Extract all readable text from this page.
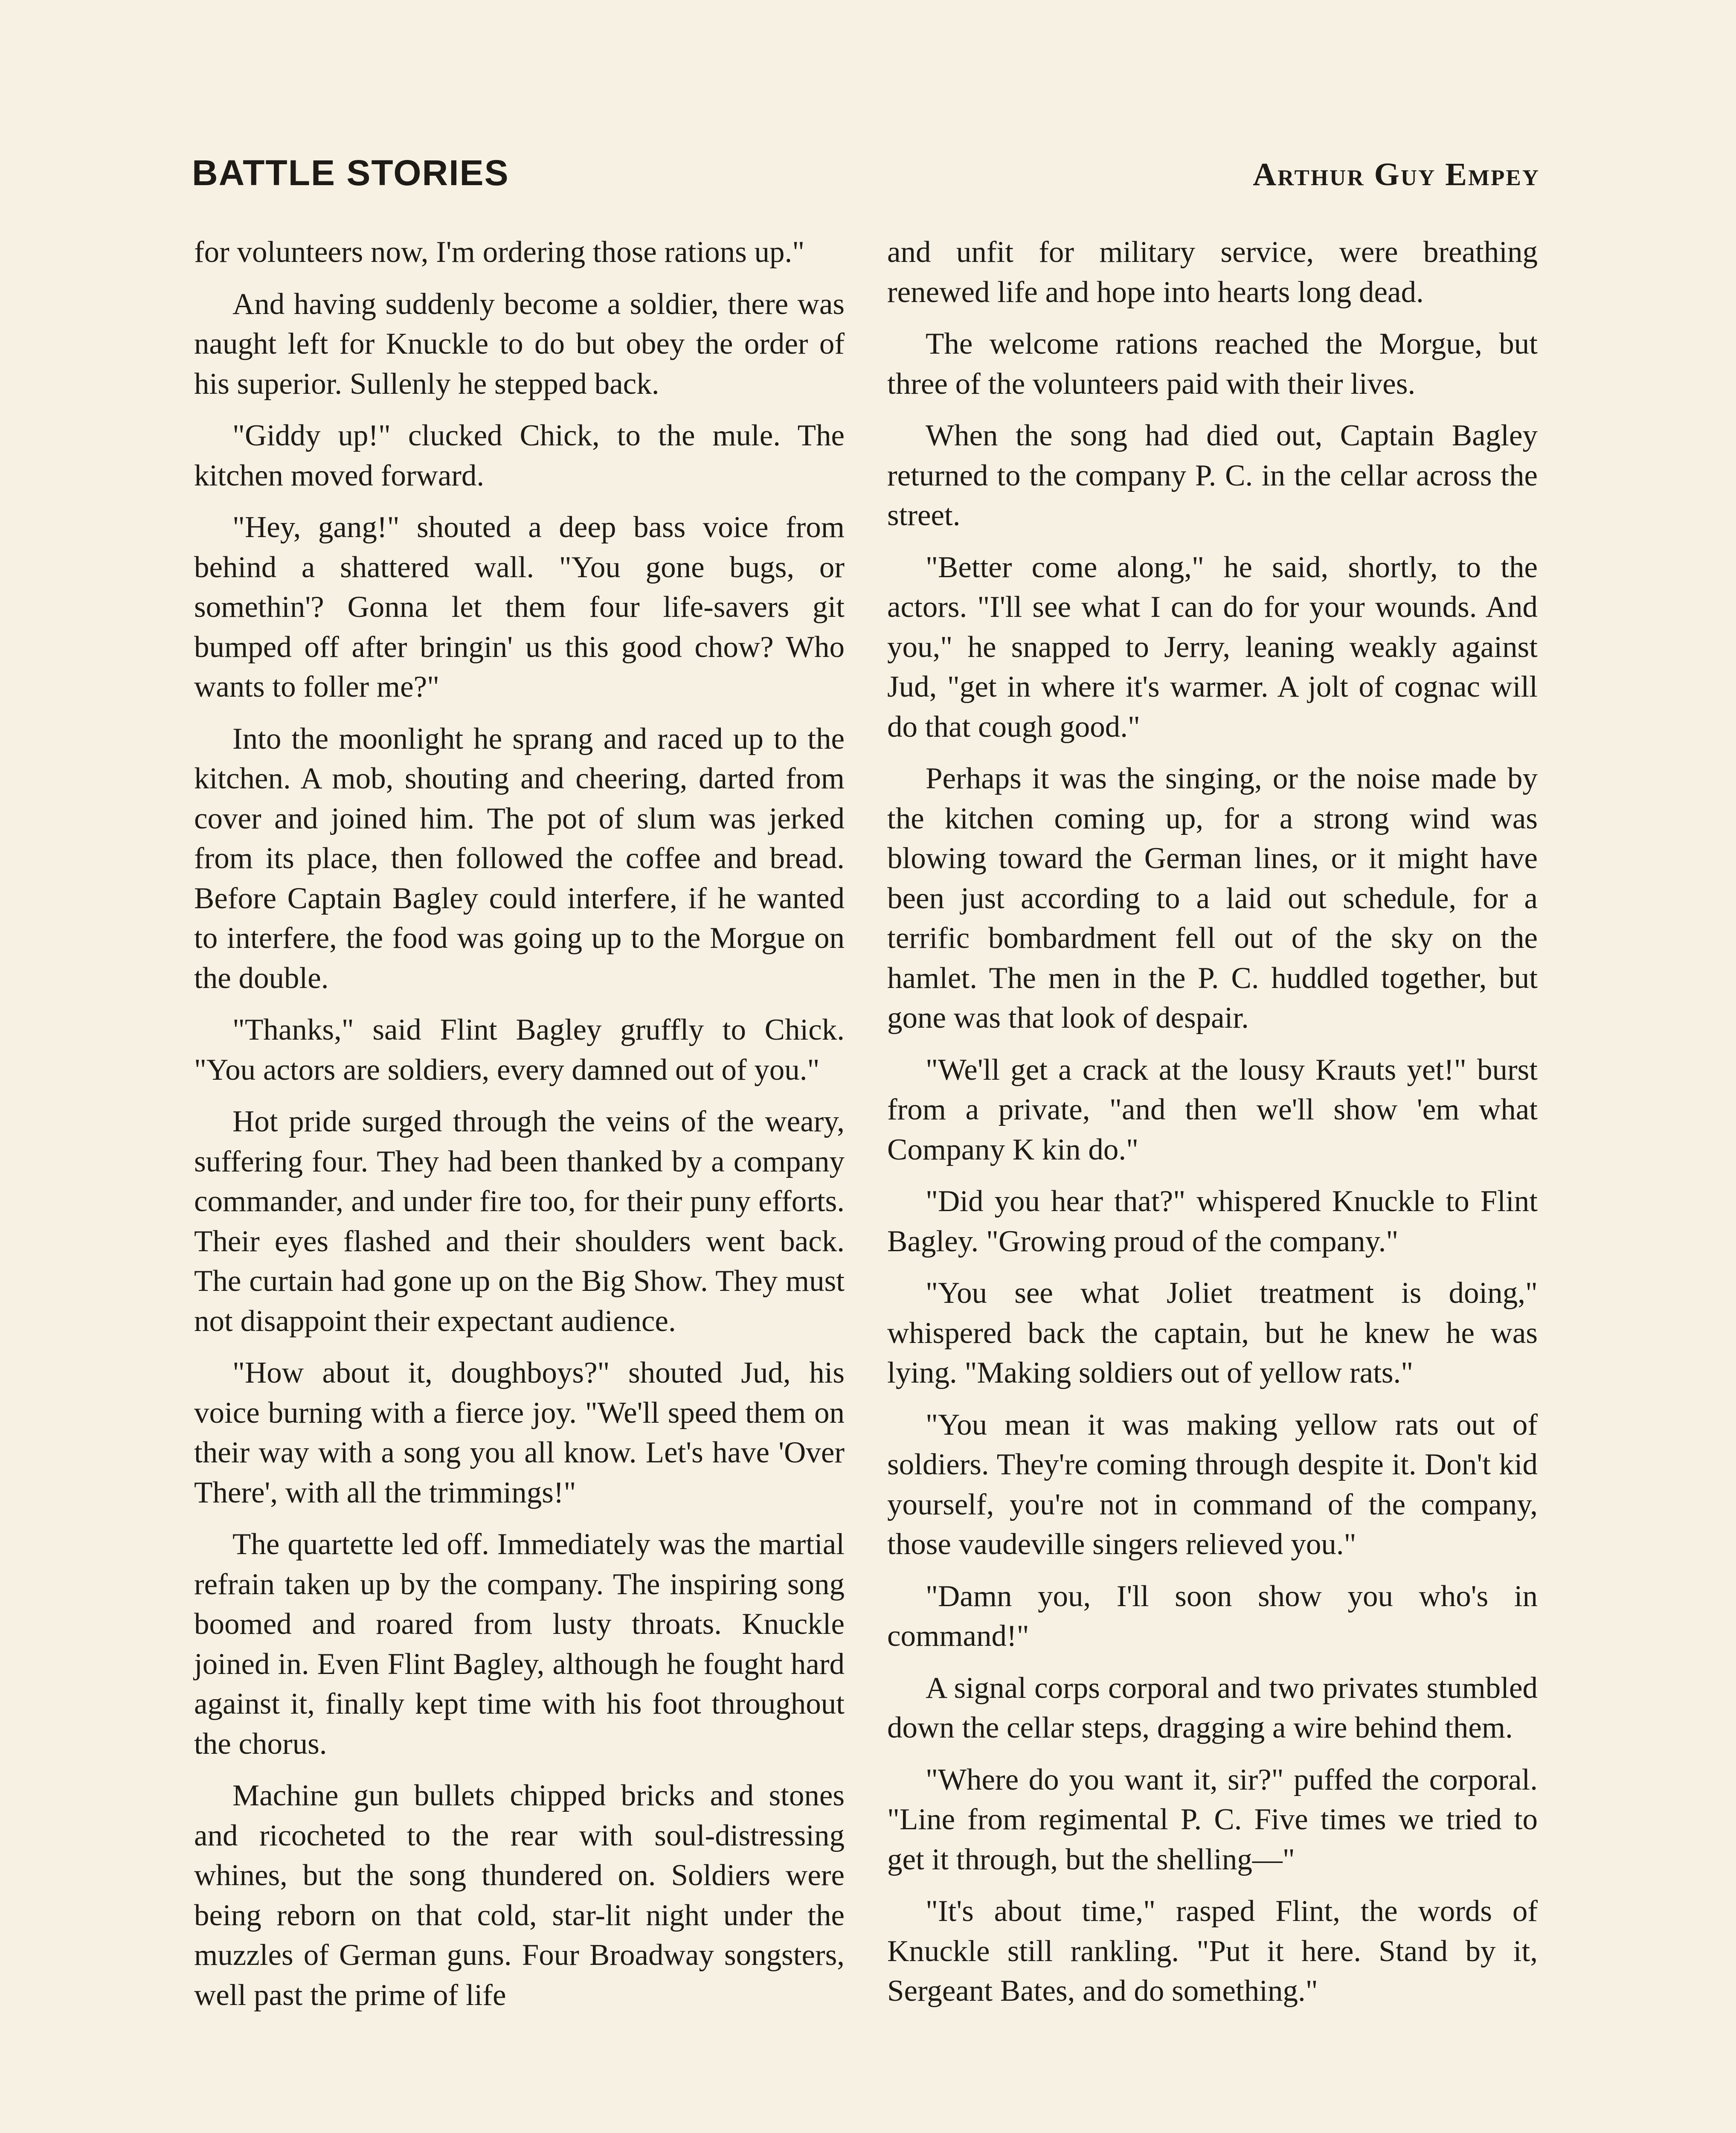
BATTLE STORIES	Arthur Guy Empey

for volunteers now, I'm ordering those rations up."

And having suddenly become a soldier, there was naught left for Knuckle to do but obey the order of his superior. Sullenly he stepped back.

"Giddy up!" clucked Chick, to the mule. The kitchen moved forward.

"Hey, gang!" shouted a deep bass voice from behind a shattered wall. "You gone bugs, or somethin'? Gonna let them four life-savers git bumped off after bringin' us this good chow? Who wants to foller me?"

Into the moonlight he sprang and raced up to the kitchen. A mob, shouting and cheering, darted from cover and joined him. The pot of slum was jerked from its place, then followed the coffee and bread. Before Captain Bagley could interfere, if he wanted to interfere, the food was going up to the Morgue on the double.

"Thanks," said Flint Bagley gruffly to Chick. "You actors are soldiers, every damned out of you."

Hot pride surged through the veins of the weary, suffering four. They had been thanked by a company commander, and under fire too, for their puny efforts. Their eyes flashed and their shoulders went back. The curtain had gone up on the Big Show. They must not disappoint their expectant audience.

"How about it, doughboys?" shouted Jud, his voice burning with a fierce joy. "We'll speed them on their way with a song you all know. Let's have 'Over There', with all the trimmings!"

The quartette led off. Immediately was the martial refrain taken up by the company. The inspiring song boomed and roared from lusty throats. Knuckle joined in. Even Flint Bagley, although he fought hard against it, finally kept time with his foot throughout the chorus.

Machine gun bullets chipped bricks and stones and ricocheted to the rear with soul-distressing whines, but the song thundered on. Soldiers were being reborn on that cold, star-lit night under the muzzles of German guns. Four Broadway songsters, well past the prime of life

and unfit for military service, were breathing renewed life and hope into hearts long dead.

The welcome rations reached the Morgue, but three of the volunteers paid with their lives.

When the song had died out, Captain Bagley returned to the company P. C. in the cellar across the street.

"Better come along," he said, shortly, to the actors. "I'll see what I can do for your wounds. And you," he snapped to Jerry, leaning weakly against Jud, "get in where it's warmer. A jolt of cognac will do that cough good."

Perhaps it was the singing, or the noise made by the kitchen coming up, for a strong wind was blowing toward the German lines, or it might have been just according to a laid out schedule, for a terrific bombardment fell out of the sky on the hamlet. The men in the P. C. huddled together, but gone was that look of despair.

"We'll get a crack at the lousy Krauts yet!" burst from a private, "and then we'll show 'em what Company K kin do."

"Did you hear that?" whispered Knuckle to Flint Bagley. "Growing proud of the company."

"You see what Joliet treatment is doing," whispered back the captain, but he knew he was lying. "Making soldiers out of yellow rats."

"You mean it was making yellow rats out of soldiers. They're coming through despite it. Don't kid yourself, you're not in command of the company, those vaudeville singers relieved you."

"Damn you, I'll soon show you who's in command!"

A signal corps corporal and two privates stumbled down the cellar steps, dragging a wire behind them.

"Where do you want it, sir?" puffed the corporal. "Line from regimental P. C. Five times we tried to get it through, but the shelling—"

"It's about time," rasped Flint, the words of Knuckle still rankling. "Put it here. Stand by it, Sergeant Bates, and do something."
